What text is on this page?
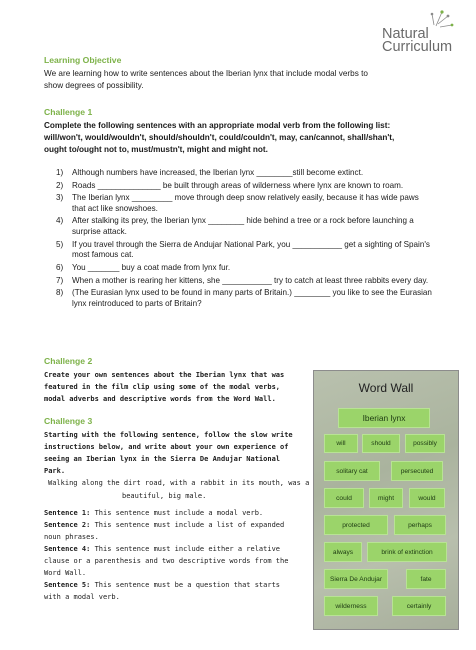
Natural
Curriculum
Learning Objective
We are learning how to write sentences about the Iberian lynx that include modal verbs to
show degrees of possibility.
Challenge 1
Complete the following sentences with an appropriate modal verb from the following list:
will/won't, would/wouldn't, should/shouldn't, could/couldn't, may, can/cannot, shall/shan't,
ought to/ought not to, must/mustn't, might and might not.
1) Although numbers have increased, the Iberian lynx ________still become extinct.
2) Roads ______________ be built through areas of wilderness where lynx are known to roam.
3) The Iberian lynx _________ move through deep snow relatively easily, because it has wide paws that act like snowshoes.
4) After stalking its prey, the Iberian lynx ________ hide behind a tree or a rock before launching a surprise attack.
5) If you travel through the Sierra de Andujar National Park, you ___________ get a sighting of Spain's most famous cat.
6) You _______ buy a coat made from lynx fur.
7) When a mother is rearing her kittens, she ___________ try to catch at least three rabbits every day.
8) (The Eurasian lynx used to be found in many parts of Britain.) ________ you like to see the Eurasian lynx reintroduced to parts of Britain?
Challenge 2
Create your own sentences about the Iberian lynx that was
featured in the film clip using some of the modal verbs,
modal adverbs and descriptive words from the Word Wall.
Challenge 3
Starting with the following sentence, follow the slow write
instructions below, and write about your own experience of
seeing an Iberian lynx in the Sierra De Andujar National
Park.
Walking along the dirt road, with a rabbit in its mouth, was a
beautiful, big male.
Sentence 1: This sentence must include a modal verb.
Sentence 2: This sentence must include a list of expanded
noun phrases.
Sentence 4: This sentence must include either a relative
clause or a parenthesis and two descriptive words from the
Word Wall.
Sentence 5: This sentence must be a question that starts
with a modal verb.
Word Wall
Iberian lynx
will	should	possibly
solitary cat	persecuted
could	might	would
protected	perhaps
always	brink of extinction
Sierra De Andujar	fate
wilderness	certainly
